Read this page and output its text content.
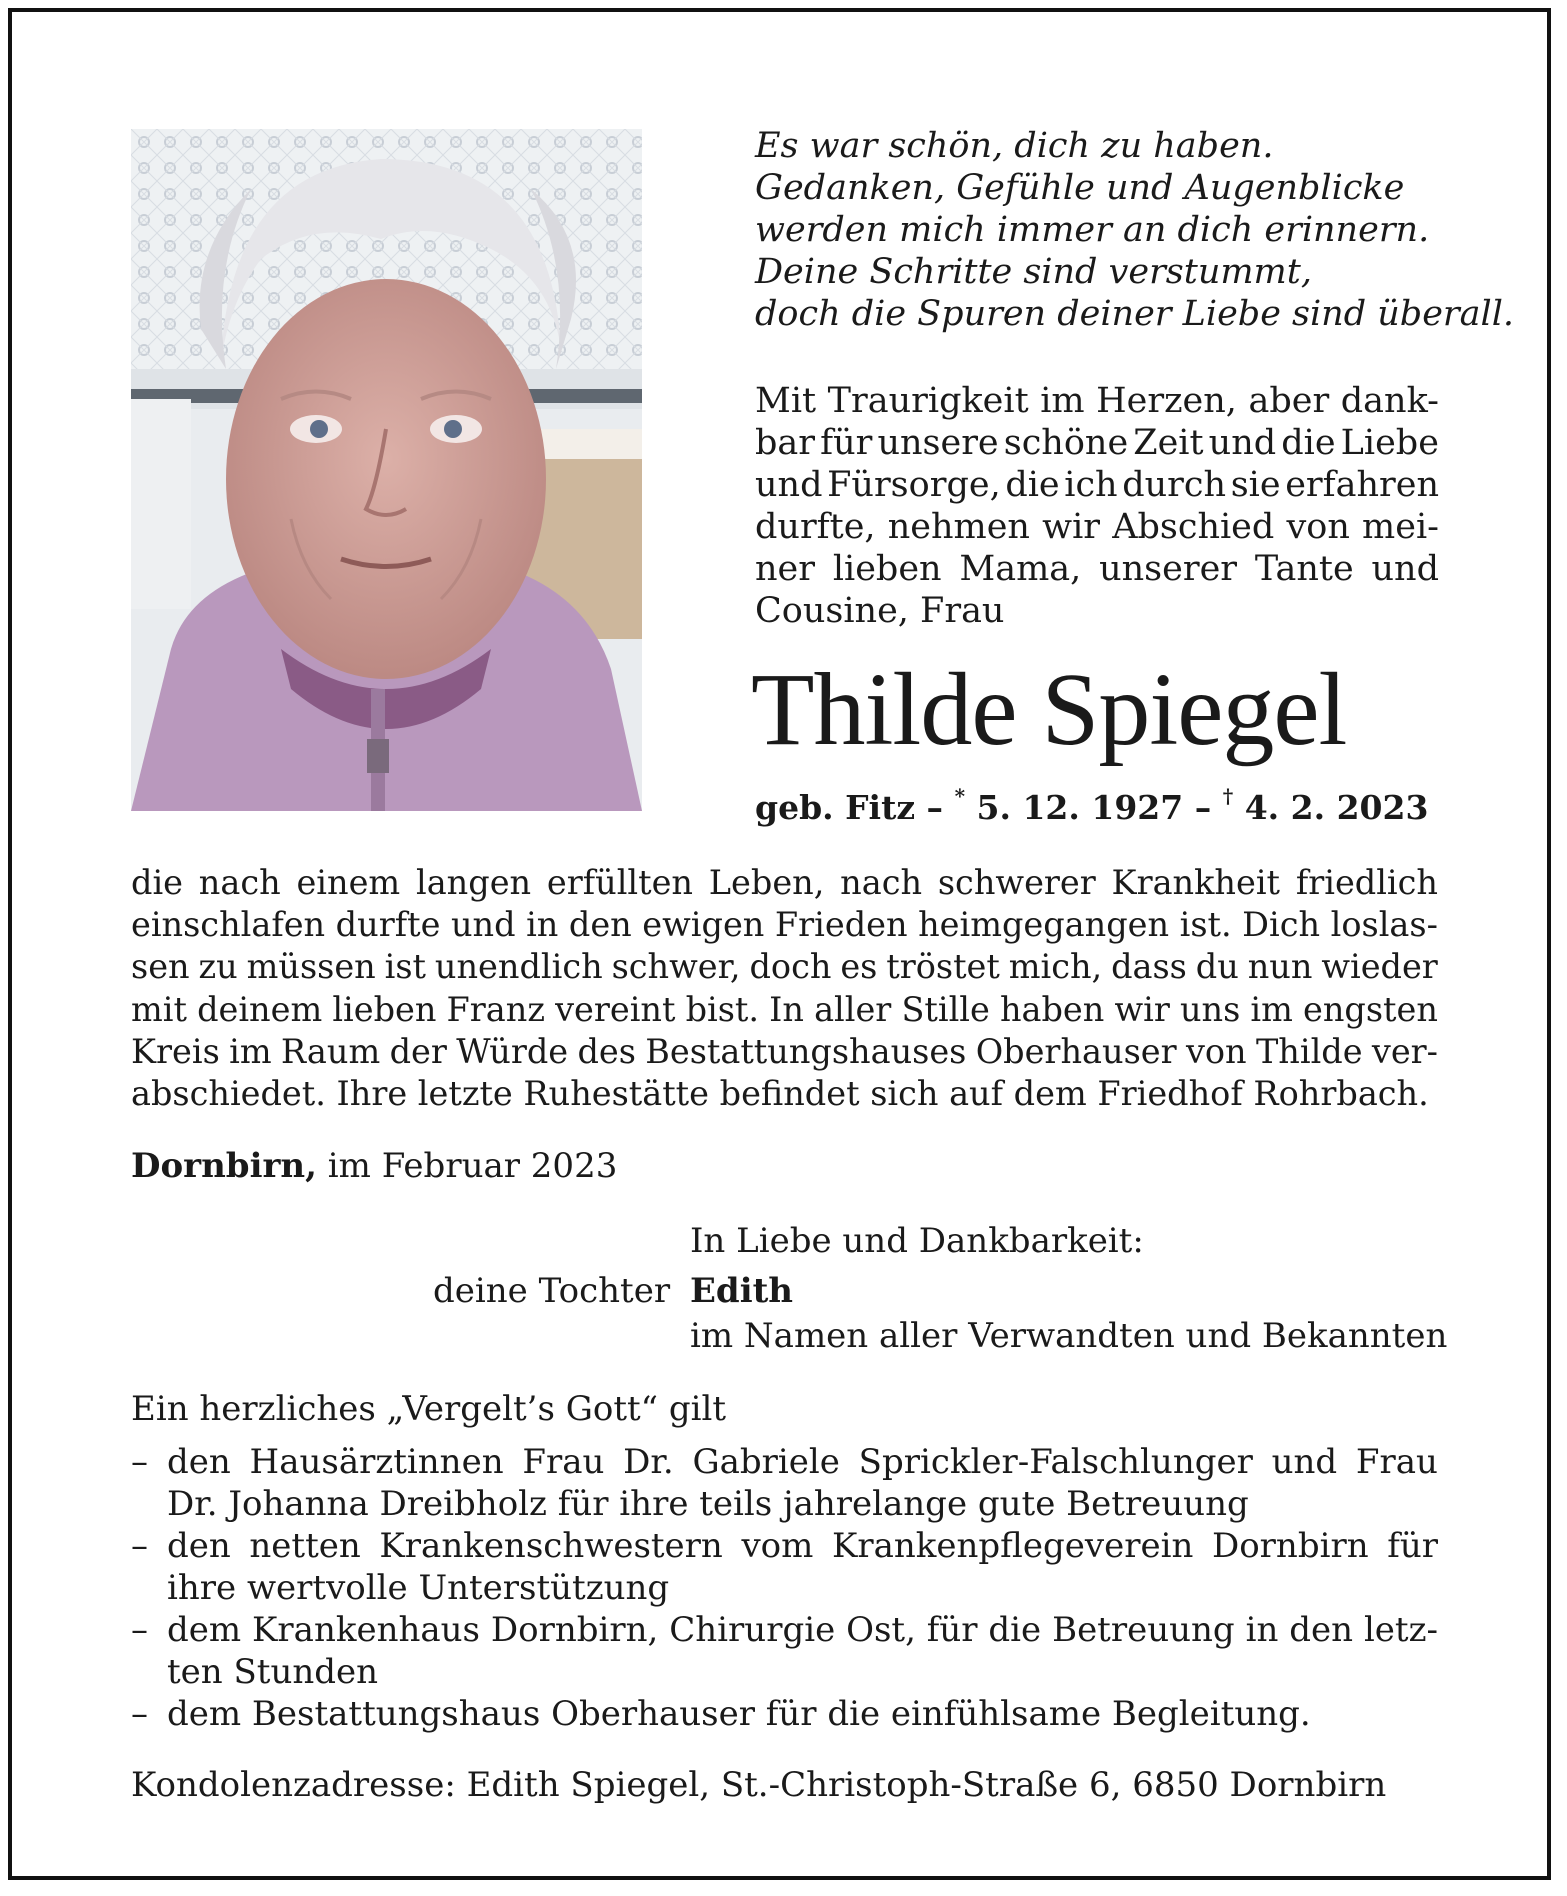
Es war schön, dich zu haben.
Gedanken, Gefühle und Augenblicke
werden mich immer an dich erinnern.
Deine Schritte sind verstummt,
doch die Spuren deiner Liebe sind überall.
Mit Traurigkeit im Herzen, aber dank-
bar für unsere schöne Zeit und die Liebe
und Fürsorge, die ich durch sie erfahren
durfte, nehmen wir Abschied von mei-
ner lieben Mama, unserer Tante und
Cousine, Frau
Thilde Spiegel
geb. Fitz – * 5. 12. 1927 – † 4. 2. 2023
die nach einem langen erfüllten Leben, nach schwerer Krankheit friedlich
einschlafen durfte und in den ewigen Frieden heimgegangen ist. Dich loslas-
sen zu müssen ist unendlich schwer, doch es tröstet mich, dass du nun wieder
mit deinem lieben Franz vereint bist. In aller Stille haben wir uns im engsten
Kreis im Raum der Würde des Bestattungshauses Oberhauser von Thilde ver-
abschiedet. Ihre letzte Ruhestätte befindet sich auf dem Friedhof Rohrbach.
Dornbirn, im Februar 2023
In Liebe und Dankbarkeit:
deine Tochter Edith
im Namen aller Verwandten und Bekannten
Ein herzliches „Vergelt’s Gott“ gilt
– den Hausärztinnen Frau Dr. Gabriele Sprickler-Falschlunger und Frau
Dr. Johanna Dreibholz für ihre teils jahrelange gute Betreuung
– den netten Krankenschwestern vom Krankenpflegeverein Dornbirn für
ihre wertvolle Unterstützung
– dem Krankenhaus Dornbirn, Chirurgie Ost, für die Betreuung in den letz-
ten Stunden
– dem Bestattungshaus Oberhauser für die einfühlsame Begleitung.
Kondolenzadresse: Edith Spiegel, St.-Christoph-Straße 6, 6850 Dornbirn
